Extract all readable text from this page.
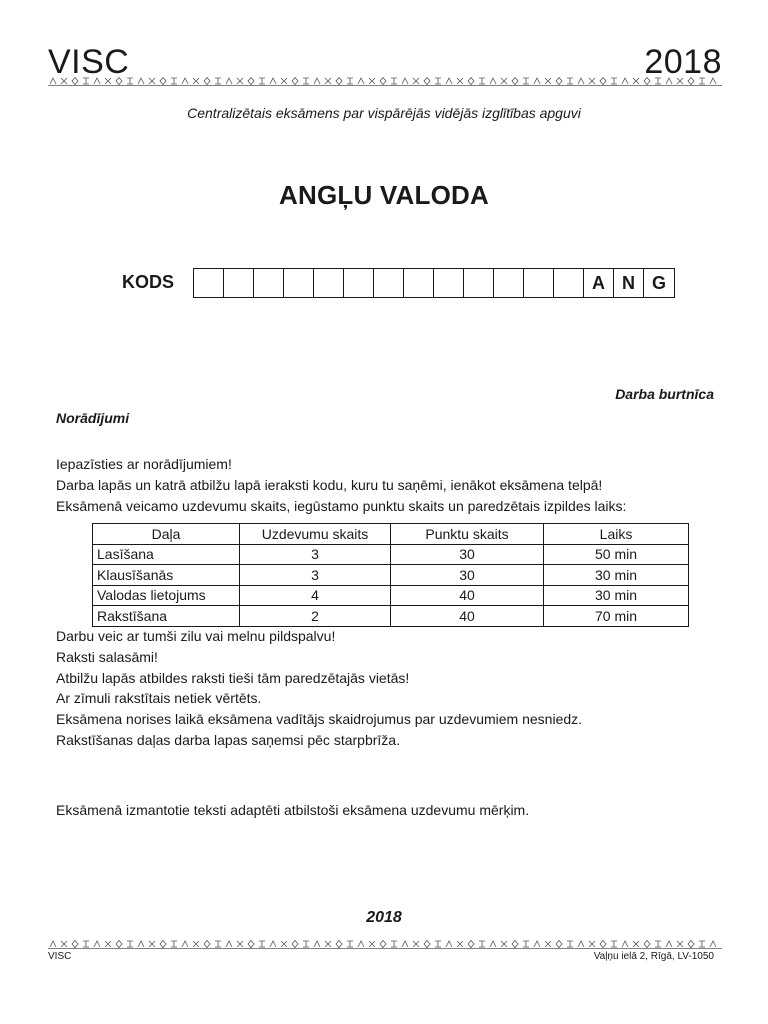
VISC	2018
Centralizētais eksāmens par vispārējās vidējās izglītības apguvi
ANGĻU VALODA
KODS	A N G
Darba burtnīca
Norādījumi
Iepazīsties ar norādījumiem!
Darba lapās un katrā atbilžu lapā ieraksti kodu, kuru tu saņēmi, ienākot eksāmena telpā!
Eksāmenā veicamo uzdevumu skaits, iegūstamo punktu skaits un paredzētais izpildes laiks:
Daļa	Uzdevumu skaits	Punktu skaits	Laiks
Lasīšana	3	30	50 min
Klausīšanās	3	30	30 min
Valodas lietojums	4	40	30 min
Rakstīšana	2	40	70 min
Darbu veic ar tumši zilu vai melnu pildspalvu!
Raksti salasāmi!
Atbilžu lapās atbildes raksti tieši tām paredzētajās vietās!
Ar zīmuli rakstītais netiek vērtēts.
Eksāmena norises laikā eksāmena vadītājs skaidrojumus par uzdevumiem nesniedz.
Rakstīšanas daļas darba lapas saņemsi pēc starpbrīža.
Eksāmenā izmantotie teksti adaptēti atbilstoši eksāmena uzdevumu mērķim.
2018
VISC	Vaļņu ielā 2, Rīgā, LV-1050
